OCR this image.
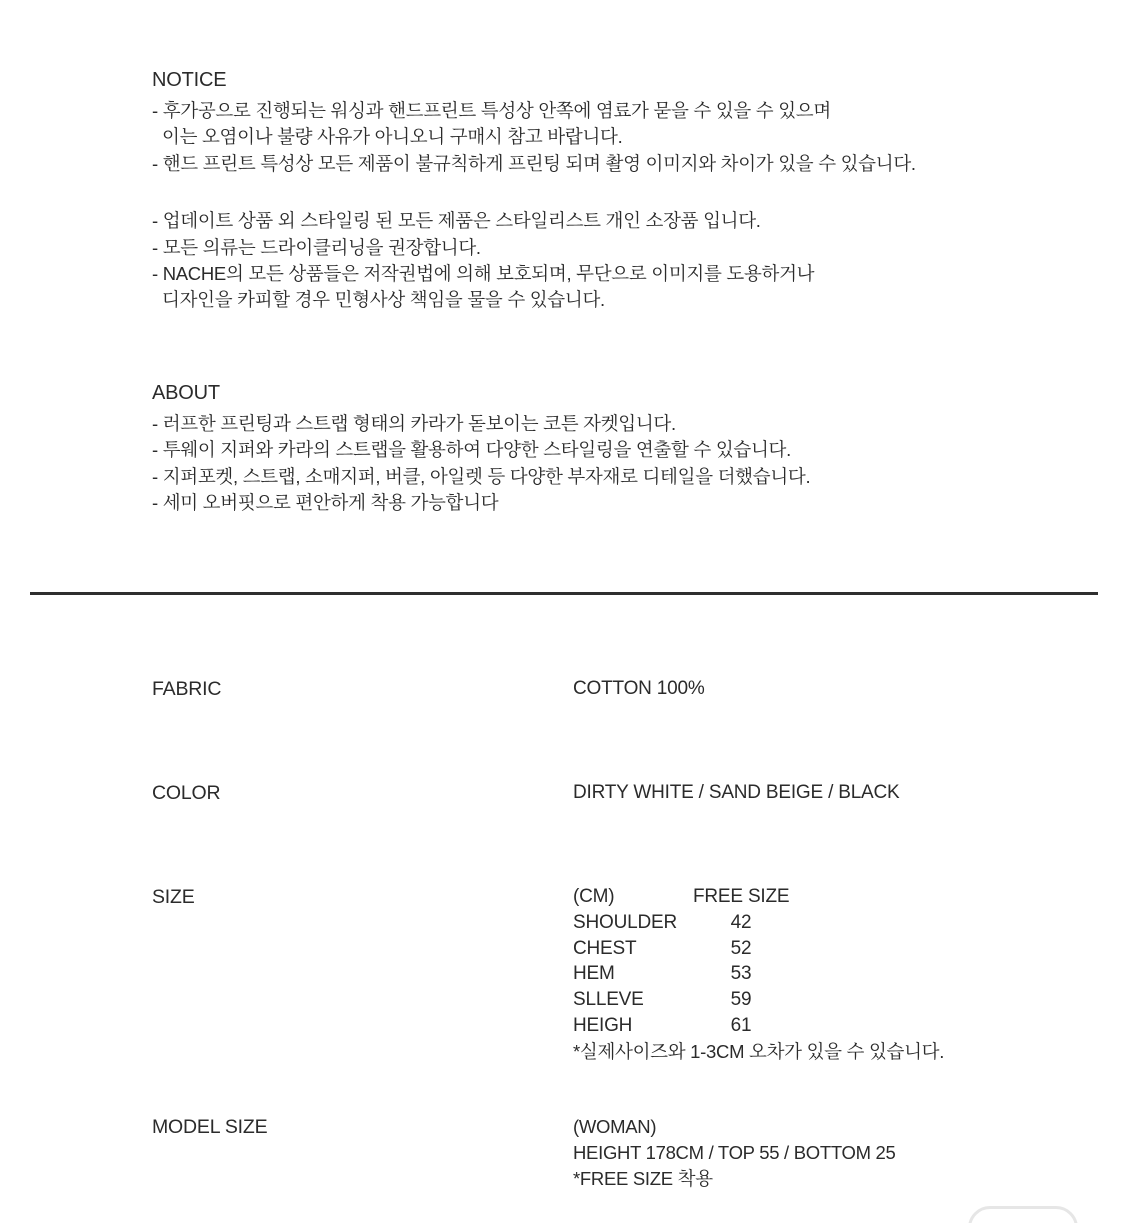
NOTICE
- 후가공으로 진행되는 워싱과 핸드프린트 특성상 안쪽에 염료가 묻을 수 있을 수 있으며
이는 오염이나 불량 사유가 아니오니 구매시 참고 바랍니다.
- 핸드 프린트 특성상 모든 제품이 불규칙하게 프린팅 되며 촬영 이미지와 차이가 있을 수 있습니다.
- 업데이트 상품 외 스타일링 된 모든 제품은 스타일리스트 개인 소장품 입니다.
- 모든 의류는 드라이클리닝을 권장합니다.
- NACHE의 모든 상품들은 저작권법에 의해 보호되며, 무단으로 이미지를 도용하거나
디자인을 카피할 경우 민형사상 책임을 물을 수 있습니다.
ABOUT
- 러프한 프린팅과 스트랩 형태의 카라가 돋보이는 코튼 자켓입니다.
- 투웨이 지퍼와 카라의 스트랩을 활용하여 다양한 스타일링을 연출할 수 있습니다.
- 지퍼포켓, 스트랩, 소매지퍼, 버클, 아일렛 등 다양한 부자재로 디테일을 더했습니다.
- 세미 오버핏으로 편안하게 착용 가능합니다
FABRIC	COTTON 100%
COLOR	DIRTY WHITE / SAND BEIGE / BLACK
SIZE	(CM)	FREE SIZE
SHOULDER	42
CHEST	52
HEM	53
SLLEVE	59
HEIGH	61
*실제사이즈와 1-3CM 오차가 있을 수 있습니다.
MODEL SIZE	(WOMAN)
HEIGHT 178CM / TOP 55 / BOTTOM 25
*FREE SIZE 착용
